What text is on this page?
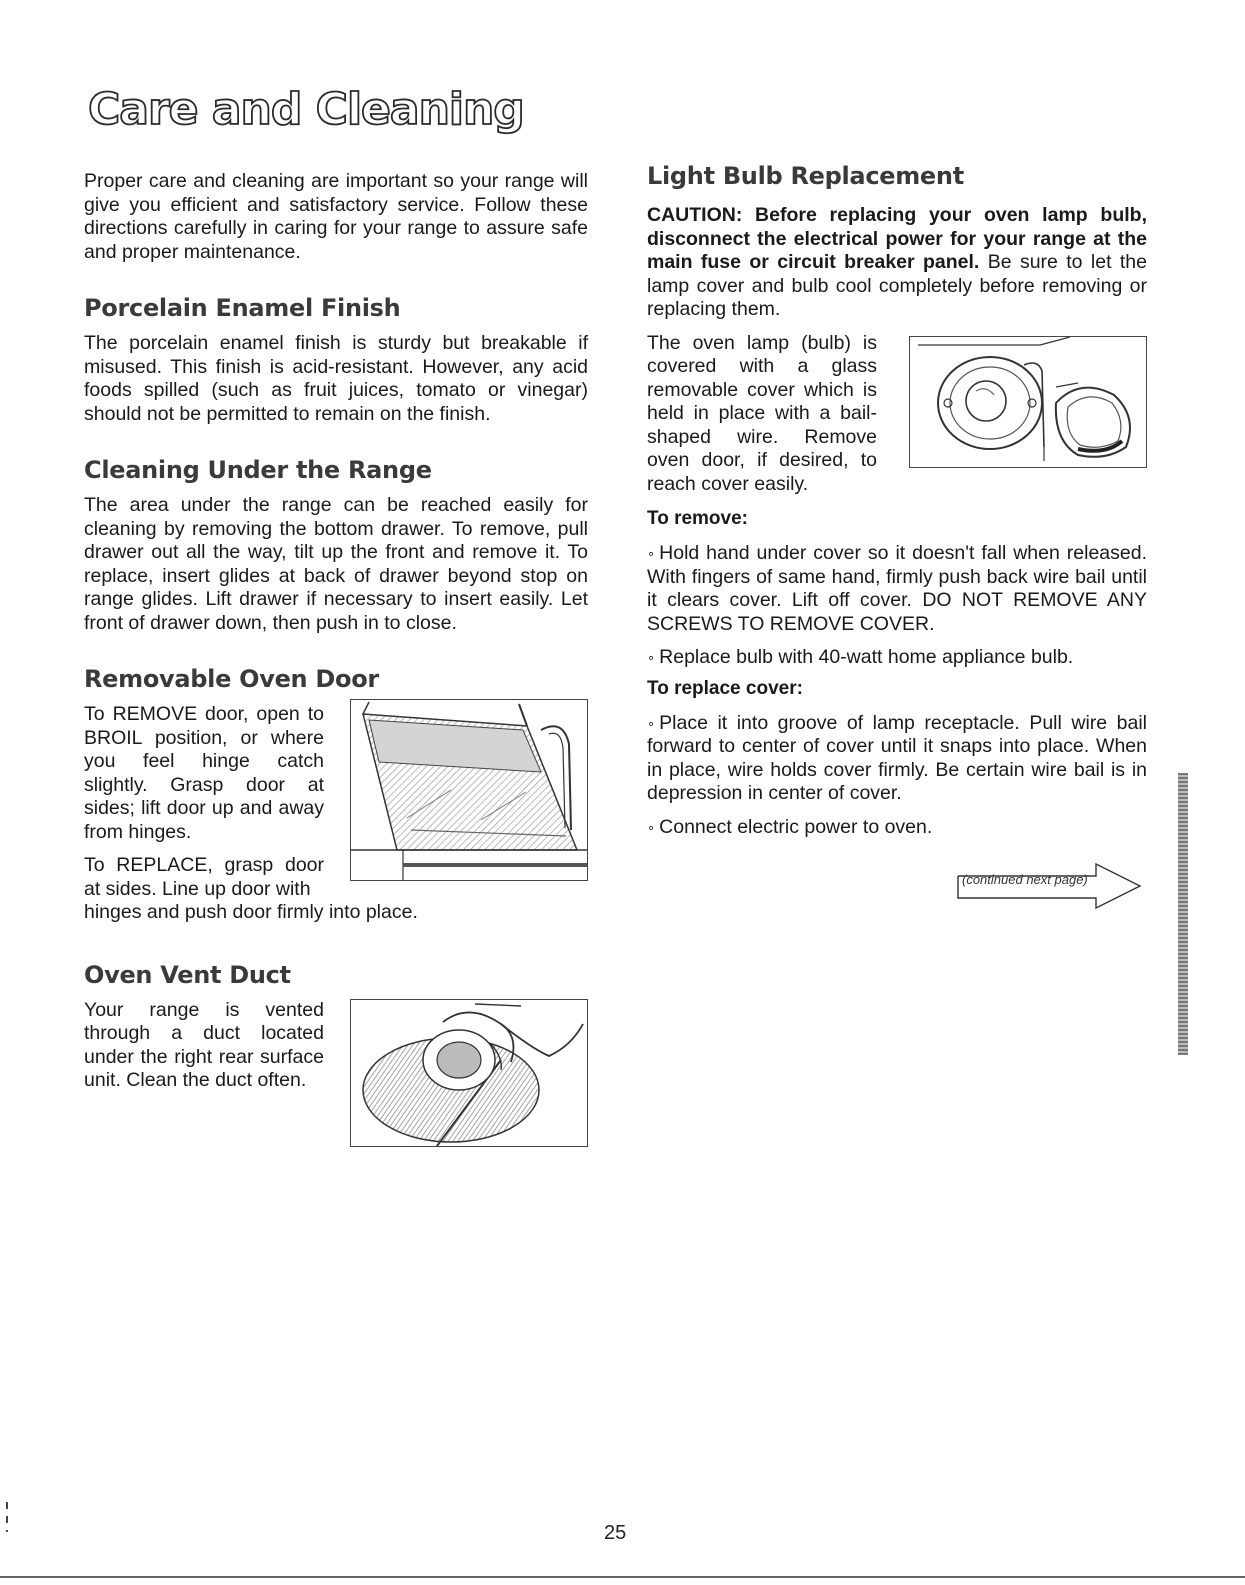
Care and Cleaning

Proper care and cleaning are important so your range will give you efficient and satisfactory service. Follow these directions carefully in caring for your range to assure safe and proper maintenance.

Porcelain Enamel Finish

The porcelain enamel finish is sturdy but breakable if misused. This finish is acid-resistant. However, any acid foods spilled (such as fruit juices, tomato or vinegar) should not be permitted to remain on the finish.

Cleaning Under the Range

The area under the range can be reached easily for cleaning by removing the bottom drawer. To remove, pull drawer out all the way, tilt up the front and remove it. To replace, insert glides at back of drawer beyond stop on range glides. Lift drawer if necessary to insert easily. Let front of drawer down, then push in to close.

Removable Oven Door

To REMOVE door, open to BROIL position, or where you feel hinge catch slightly. Grasp door at sides; lift door up and away from hinges.

To REPLACE, grasp door at sides. Line up door with

hinges and push door firmly into place.

Oven Vent Duct

Your range is vented through a duct located under the right rear surface unit. Clean the duct often.

Light Bulb Replacement

CAUTION: Before replacing your oven lamp bulb, disconnect the electrical power for your range at the main fuse or circuit breaker panel. Be sure to let the lamp cover and bulb cool completely before removing or replacing them.

The oven lamp (bulb) is covered with a glass removable cover which is held in place with a bail-shaped wire. Remove oven door, if desired, to reach cover easily.

To remove:

∘ Hold hand under cover so it doesn't fall when released. With fingers of same hand, firmly push back wire bail until it clears cover. Lift off cover. DO NOT REMOVE ANY SCREWS TO REMOVE COVER.

∘ Replace bulb with 40-watt home appliance bulb.

To replace cover:

∘ Place it into groove of lamp receptacle. Pull wire bail forward to center of cover until it snaps into place. When in place, wire holds cover firmly. Be certain wire bail is in depression in center of cover.

∘ Connect electric power to oven.

(continued next page)
25
